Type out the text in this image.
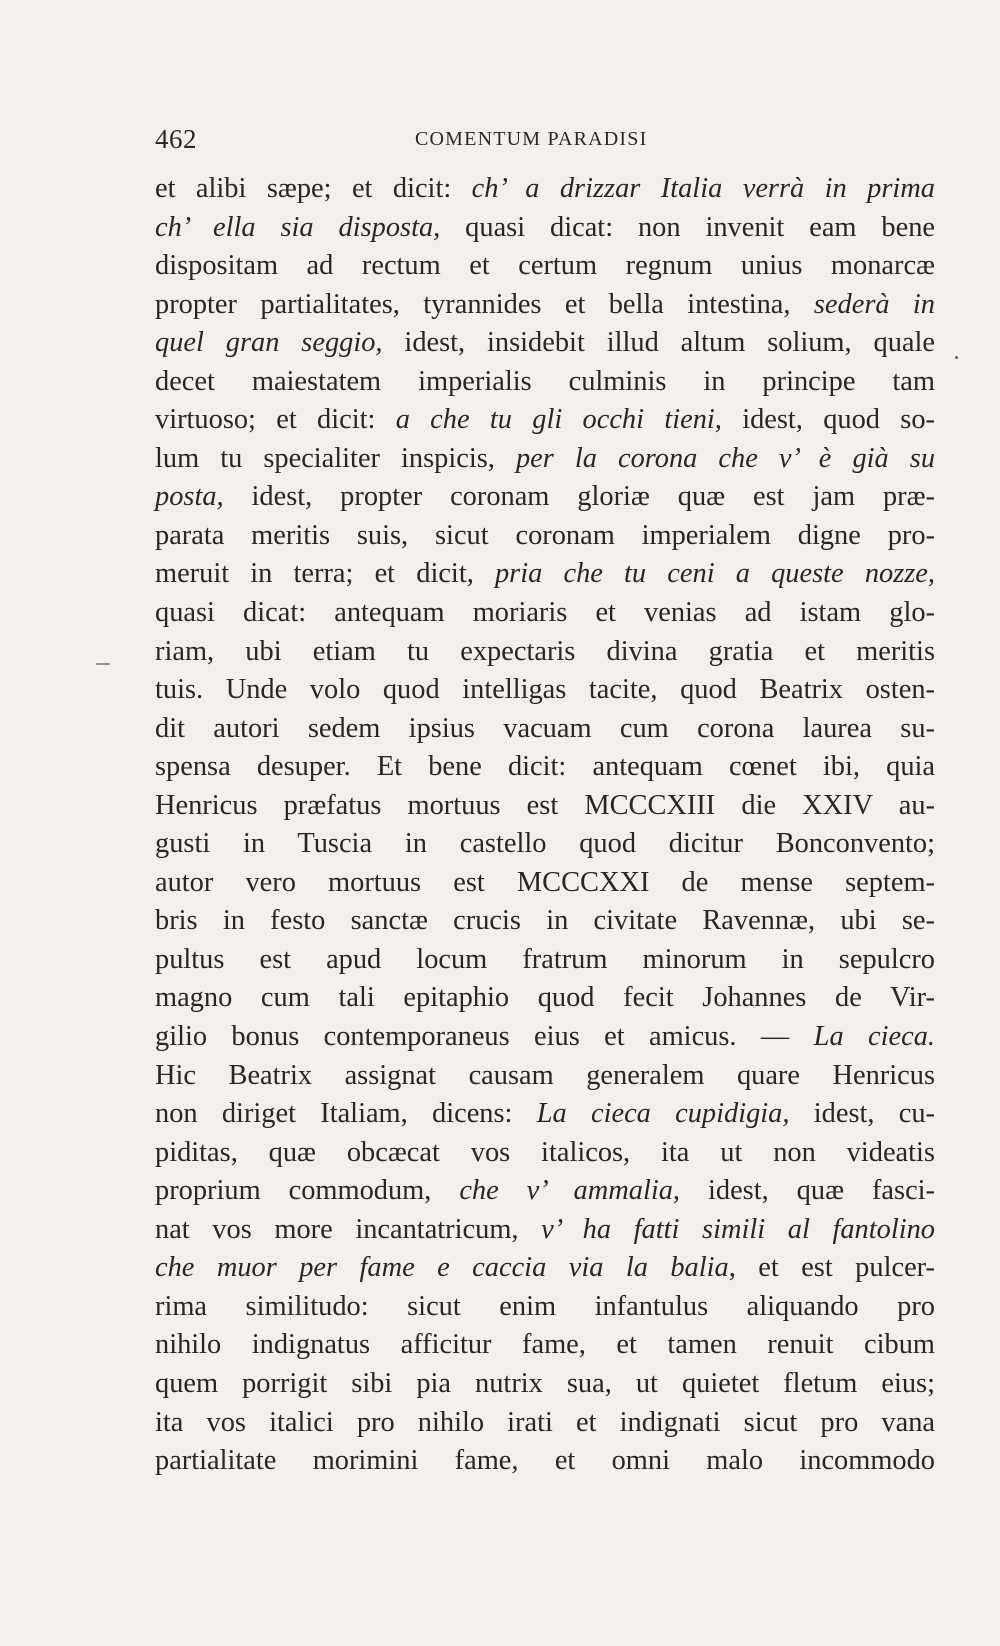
462	COMENTUM PARADISI
et alibi sæpe; et dicit: ch’ a drizzar Italia verrà in prima
ch’ ella sia disposta, quasi dicat: non invenit eam bene
dispositam ad rectum et certum regnum unius monarcæ
propter partialitates, tyrannides et bella intestina, sederà in
quel gran seggio, idest, insidebit illud altum solium, quale
decet maiestatem imperialis culminis in principe tam
virtuoso; et dicit: a che tu gli occhi tieni, idest, quod so-
lum tu specialiter inspicis, per la corona che v’ è già su
posta, idest, propter coronam gloriæ quæ est jam præ-
parata meritis suis, sicut coronam imperialem digne pro-
meruit in terra; et dicit, pria che tu ceni a queste nozze,
quasi dicat: antequam moriaris et venias ad istam glo-
riam, ubi etiam tu expectaris divina gratia et meritis
tuis. Unde volo quod intelligas tacite, quod Beatrix osten-
dit autori sedem ipsius vacuam cum corona laurea su-
spensa desuper. Et bene dicit: antequam cœnet ibi, quia
Henricus præfatus mortuus est MCCCXIII die XXIV au-
gusti in Tuscia in castello quod dicitur Bonconvento;
autor vero mortuus est MCCCXXI de mense septem-
bris in festo sanctæ crucis in civitate Ravennæ, ubi se-
pultus est apud locum fratrum minorum in sepulcro
magno cum tali epitaphio quod fecit Johannes de Vir-
gilio bonus contemporaneus eius et amicus. — La cieca.
Hic Beatrix assignat causam generalem quare Henricus
non diriget Italiam, dicens: La cieca cupidigia, idest, cu-
piditas, quæ obcæcat vos italicos, ita ut non videatis
proprium commodum, che v’ ammalia, idest, quæ fasci-
nat vos more incantatricum, v’ ha fatti simili al fantolino
che muor per fame e caccia via la balia, et est pulcer-
rima similitudo: sicut enim infantulus aliquando pro
nihilo indignatus afficitur fame, et tamen renuit cibum
quem porrigit sibi pia nutrix sua, ut quietet fletum eius;
ita vos italici pro nihilo irati et indignati sicut pro vana
partialitate morimini fame, et omni malo incommodo
